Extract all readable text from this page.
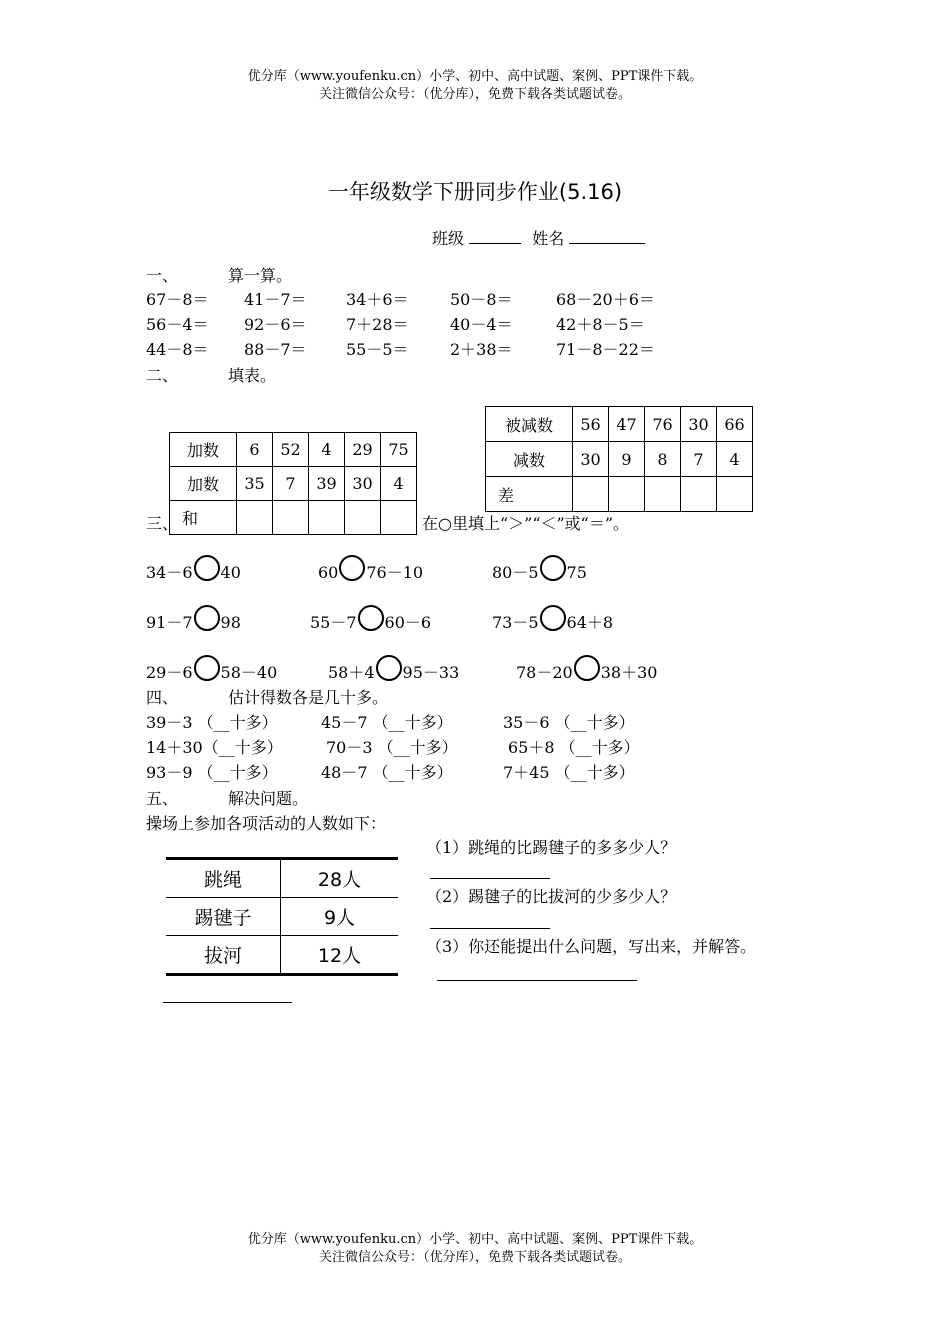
优分库（www.youfenku.cn）小学、初中、高中试题、案例、PPT课件下载。
关注微信公众号：（优分库），免费下载各类试题试卷。
一年级数学下册同步作业(5.16)
班级	姓名
一、	算一算。
67－8＝ 41－7＝ 34＋6＝	50－8＝	68－20＋6＝
56－4＝ 92－6＝ 7＋28＝	40－4＝	42＋8－5＝
44－8＝ 88－7＝ 55－5＝	2＋38＝	71－8－22＝
二、	填表。
加数	6	52	4	29	75
加数	35	7	39	30	4
和					
被减数	56	47	76	30	66
减数	30	9	8	7	4
差					
三、	在○里填上“＞”“＜”或“＝”。
34－6 40	60 76－10	80－5 75
91－7 98	55－7 60－6	73－5 64＋8
29－6 58－40	58＋4 95－33	78－20 38＋30
四、	估计得数各是几十多。
39－3 （__十多）	45－7 （__十多）	35－6 （__十多）
14＋30（__十多）	70－3 （__十多）	65＋8 （__十多）
93－9 （__十多）	48－7 （__十多）	7＋45 （__十多）
五、	解决问题。
操场上参加各项活动的人数如下：
跳绳	28人
踢毽子	9人
拔河	12人
（1）跳绳的比踢毽子的多多少人？
（2）踢毽子的比拔河的少多少人？
（3）你还能提出什么问题，写出来，并解答。
优分库（www.youfenku.cn）小学、初中、高中试题、案例、PPT课件下载。
关注微信公众号：（优分库），免费下载各类试题试卷。
